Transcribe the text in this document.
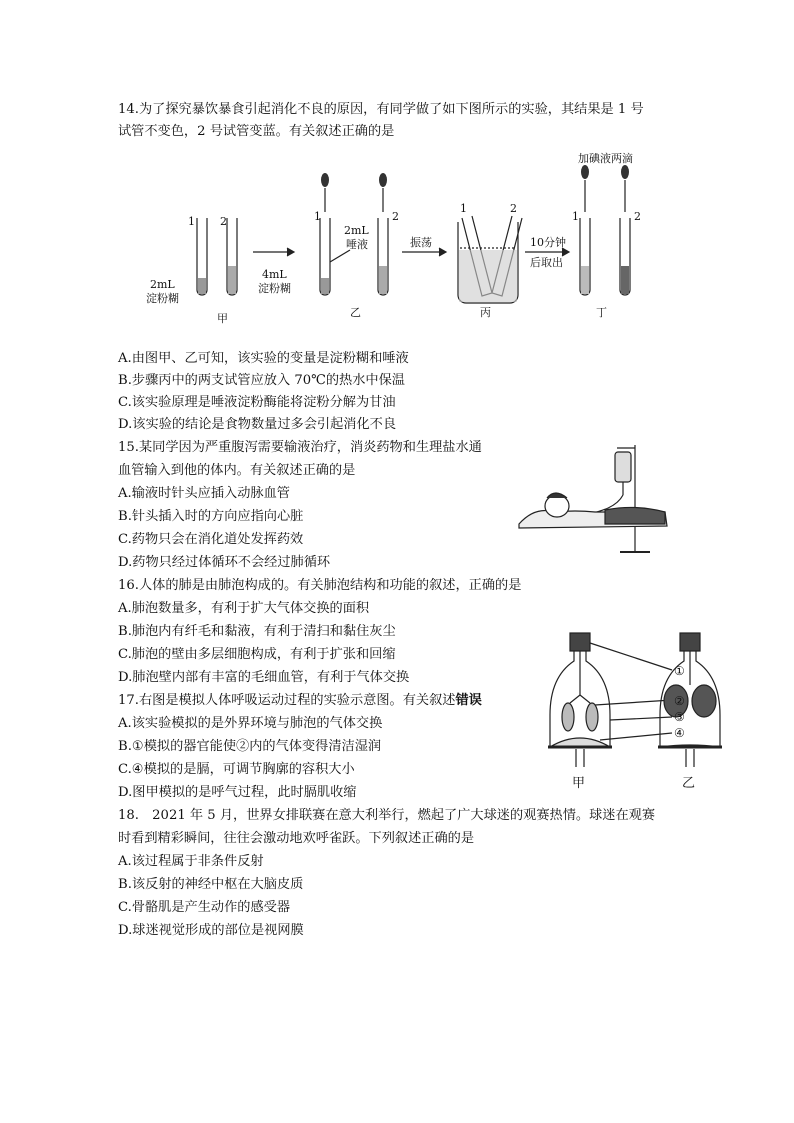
14.为了探究暴饮暴食引起消化不良的原因，有同学做了如下图所示的实验，其结果是 1 号
试管不变色，2 号试管变蓝。有关叙述正确的是
1 2
2mL
淀粉糊
4mL
淀粉糊
1	2
2mL
唾液	振荡
1	2
10分钟
后取出
加碘液两滴
1	2
甲	乙	丙	丁
A.由图甲、乙可知，该实验的变量是淀粉糊和唾液
B.步骤丙中的两支试管应放入 70℃的热水中保温
C.该实验原理是唾液淀粉酶能将淀粉分解为甘油
D.该实验的结论是食物数量过多会引起消化不良
15.某同学因为严重腹泻需要输液治疗，消炎药物和生理盐水通
血管输入到他的体内。有关叙述正确的是
A.输液时针头应插入动脉血管
B.针头插入时的方向应指向心脏
C.药物只会在消化道处发挥药效
D.药物只经过体循环不会经过肺循环
16.人体的肺是由肺泡构成的。有关肺泡结构和功能的叙述，正确的是
A.肺泡数量多，有利于扩大气体交换的面积
B.肺泡内有纤毛和黏液，有利于清扫和黏住灰尘
C.肺泡的壁由多层细胞构成，有利于扩张和回缩
D.肺泡壁内部有丰富的毛细血管，有利于气体交换
17.右图是模拟人体呼吸运动过程的实验示意图。有关叙述错误
A.该实验模拟的是外界环境与肺泡的气体交换
B.①模拟的器官能使②内的气体变得清洁湿润
C.④模拟的是膈，可调节胸廓的容积大小
D.图甲模拟的是呼气过程，此时膈肌收缩
①
②
③
④
甲	乙
18.　2021 年 5 月，世界女排联赛在意大利举行，燃起了广大球迷的观赛热情。球迷在观赛
时看到精彩瞬间，往往会激动地欢呼雀跃。下列叙述正确的是
A.该过程属于非条件反射
B.该反射的神经中枢在大脑皮质
C.骨骼肌是产生动作的感受器
D.球迷视觉形成的部位是视网膜
